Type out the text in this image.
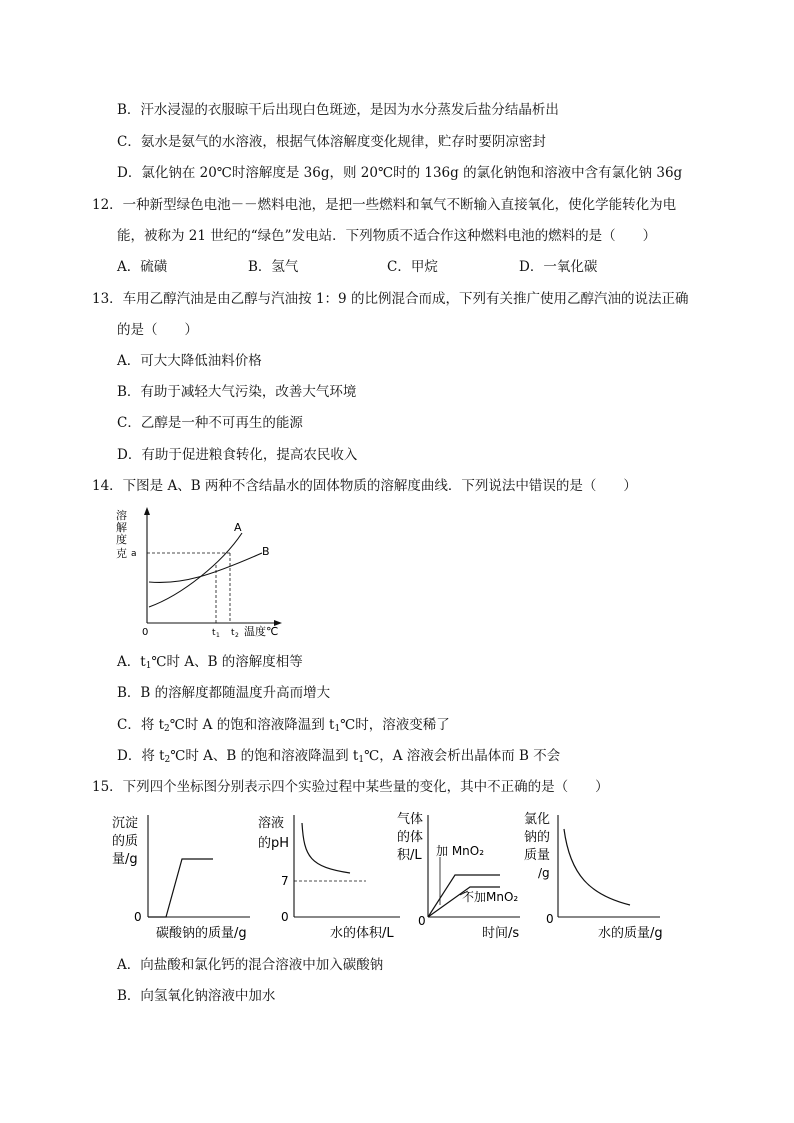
B．汗水浸湿的衣服晾干后出现白色斑迹，是因为水分蒸发后盐分结晶析出
C．氨水是氨气的水溶液，根据气体溶解度变化规律，贮存时要阴凉密封
D．氯化钠在 20℃时溶解度是 36g，则 20℃时的 136g 的氯化钠饱和溶液中含有氯化钠 36g
12．一种新型绿色电池－－燃料电池，是把一些燃料和氧气不断输入直接氧化，使化学能转化为电
能，被称为 21 世纪的“绿色”发电站．下列物质不适合作这种燃料电池的燃料的是（　　）
A．硫磺	B．氢气	C．甲烷	D．一氧化碳
13．车用乙醇汽油是由乙醇与汽油按 1：9 的比例混合而成，下列有关推广使用乙醇汽油的说法正确
的是（　　）
A．可大大降低油料价格
B．有助于减轻大气污染，改善大气环境
C．乙醇是一种不可再生的能源
D．有助于促进粮食转化，提高农民收入
14．下图是 A、B 两种不含结晶水的固体物质的溶解度曲线．下列说法中错误的是（　　）
溶
解
度
克 a
A
B
0	t 1 t 2 温度℃
A．$t_1℃$时 A、B 的溶解度相等
B．B 的溶解度都随温度升高而增大
C．将 $t_2℃$时 A 的饱和溶液降温到 $t_1℃$时，溶液变稀了
D．将 $t_2℃$时 A、B 的饱和溶液降温到 $t_1℃$，A 溶液会析出晶体而 B 不会
15．下列四个坐标图分别表示四个实验过程中某些量的变化，其中不正确的是（　　）
沉淀
的质
量/g
0
碳酸钠的质量/g
溶液
的pH
7
0
水的体积/L
气体
的体
积/L 加 MnO₂
不加MnO₂
0
时间/s
氯化
钠的
质量
/g
0
水的质量/g
A．向盐酸和氯化钙的混合溶液中加入碳酸钠
B．向氢氧化钠溶液中加水
